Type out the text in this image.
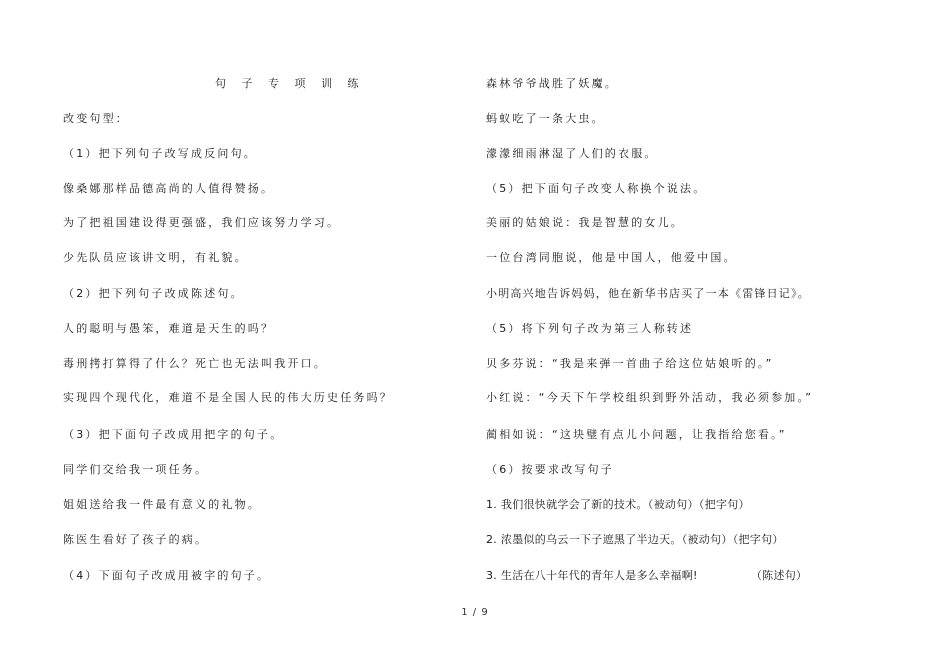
句 子 专 项 训 练
改变句型：
（1）把下列句子改写成反问句。
像桑娜那样品德高尚的人值得赞扬。
为了把祖国建设得更强盛，我们应该努力学习。
少先队员应该讲文明，有礼貌。
（2）把下列句子改成陈述句。
人的聪明与愚笨，难道是天生的吗？
毒刑拷打算得了什么？死亡也无法叫我开口。
实现四个现代化，难道不是全国人民的伟大历史任务吗？
（3）把下面句子改成用把字的句子。
同学们交给我一项任务。
姐姐送给我一件最有意义的礼物。
陈医生看好了孩子的病。
（4）下面句子改成用被字的句子。
森林爷爷战胜了妖魔。
蚂蚁吃了一条大虫。
濛濛细雨淋湿了人们的衣服。
（5）把下面句子改变人称换个说法。
美丽的姑娘说：我是智慧的女儿。
一位台湾同胞说，他是中国人，他爱中国。
小明高兴地告诉妈妈，他在新华书店买了一本《雷锋日记》。
（5）将下列句子改为第三人称转述
贝多芬说：“我是来弹一首曲子给这位姑娘听的。”
小红说：“今天下午学校组织到野外活动，我必须参加。”
蔺相如说：“这块璧有点儿小问题，让我指给您看。”
（6）按要求改写句子
1. 我们很快就学会了新的技术。（被动句）（把字句）
2. 浓墨似的乌云一下子遮黑了半边天。（被动句）（把字句）
3. 生活在八十年代的青年人是多么幸福啊!              （陈述句）
1 / 9
